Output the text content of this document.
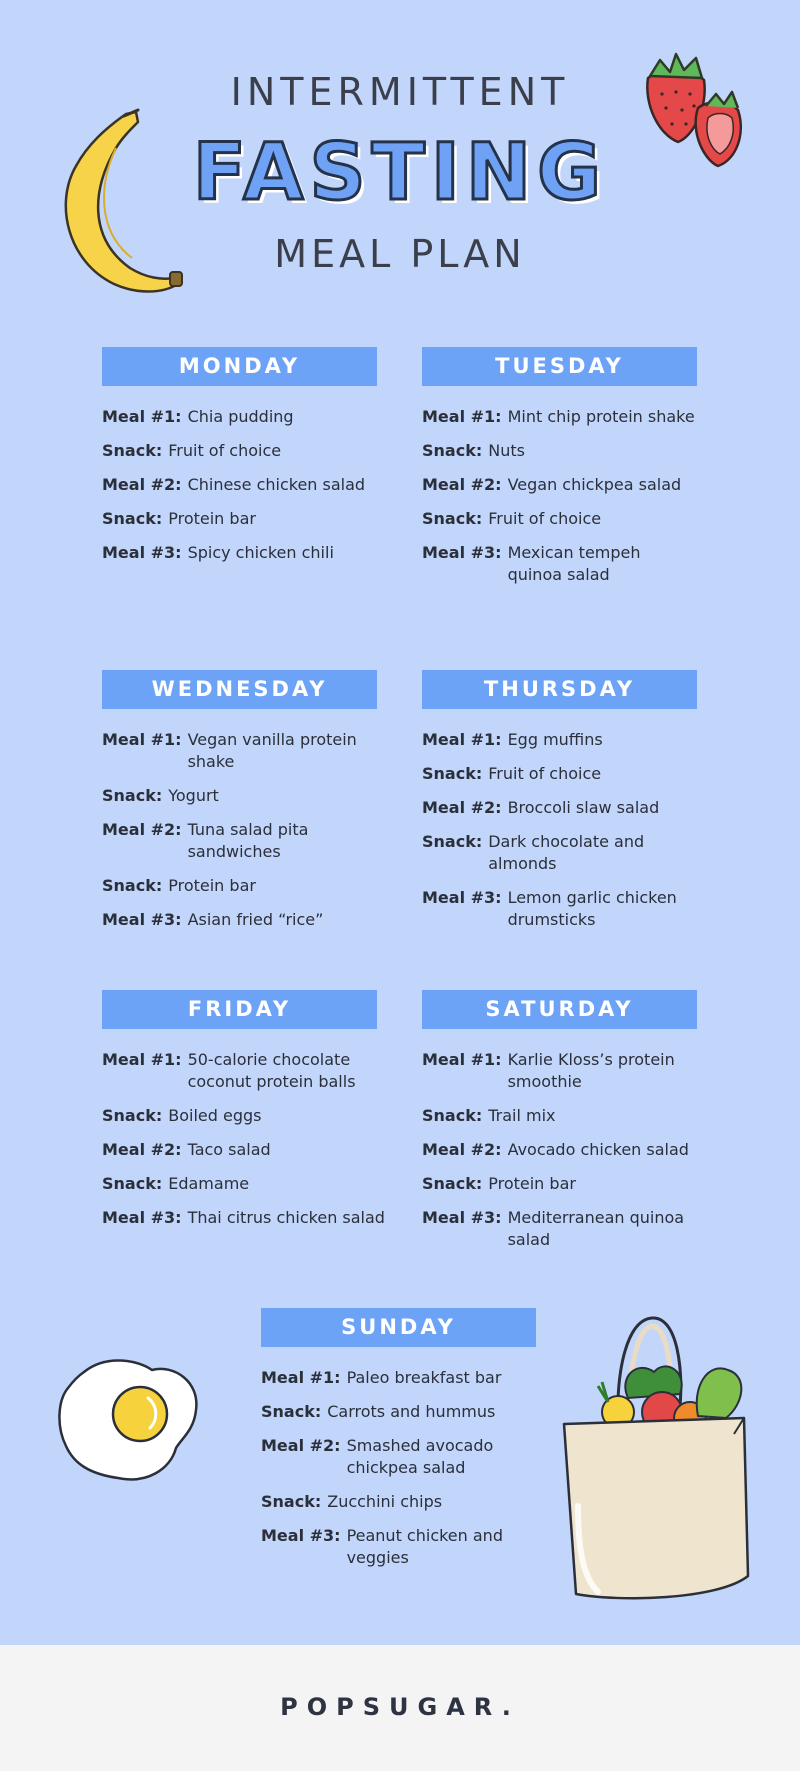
INTERMITTENT
FASTING
MEAL PLAN
MONDAY
Meal #1: Chia pudding
Snack: Fruit of choice
Meal #2: Chinese chicken salad
Snack: Protein bar
Meal #3: Spicy chicken chili
TUESDAY
Meal #1: Mint chip protein shake
Snack: Nuts
Meal #2: Vegan chickpea salad
Snack: Fruit of choice
Meal #3: Mexican tempeh quinoa salad
WEDNESDAY
Meal #1: Vegan vanilla protein shake
Snack: Yogurt
Meal #2: Tuna salad pita sandwiches
Snack: Protein bar
Meal #3: Asian fried “rice”
THURSDAY
Meal #1: Egg muffins
Snack: Fruit of choice
Meal #2: Broccoli slaw salad
Snack: Dark chocolate and almonds
Meal #3: Lemon garlic chicken drumsticks
FRIDAY
Meal #1: 50-calorie chocolate coconut protein balls
Snack: Boiled eggs
Meal #2: Taco salad
Snack: Edamame
Meal #3: Thai citrus chicken salad
SATURDAY
Meal #1: Karlie Kloss’s protein smoothie
Snack: Trail mix
Meal #2: Avocado chicken salad
Snack: Protein bar
Meal #3: Mediterranean quinoa salad
SUNDAY
Meal #1: Paleo breakfast bar
Snack: Carrots and hummus
Meal #2: Smashed avocado chickpea salad
Snack: Zucchini chips
Meal #3: Peanut chicken and veggies
POPSUGAR.
